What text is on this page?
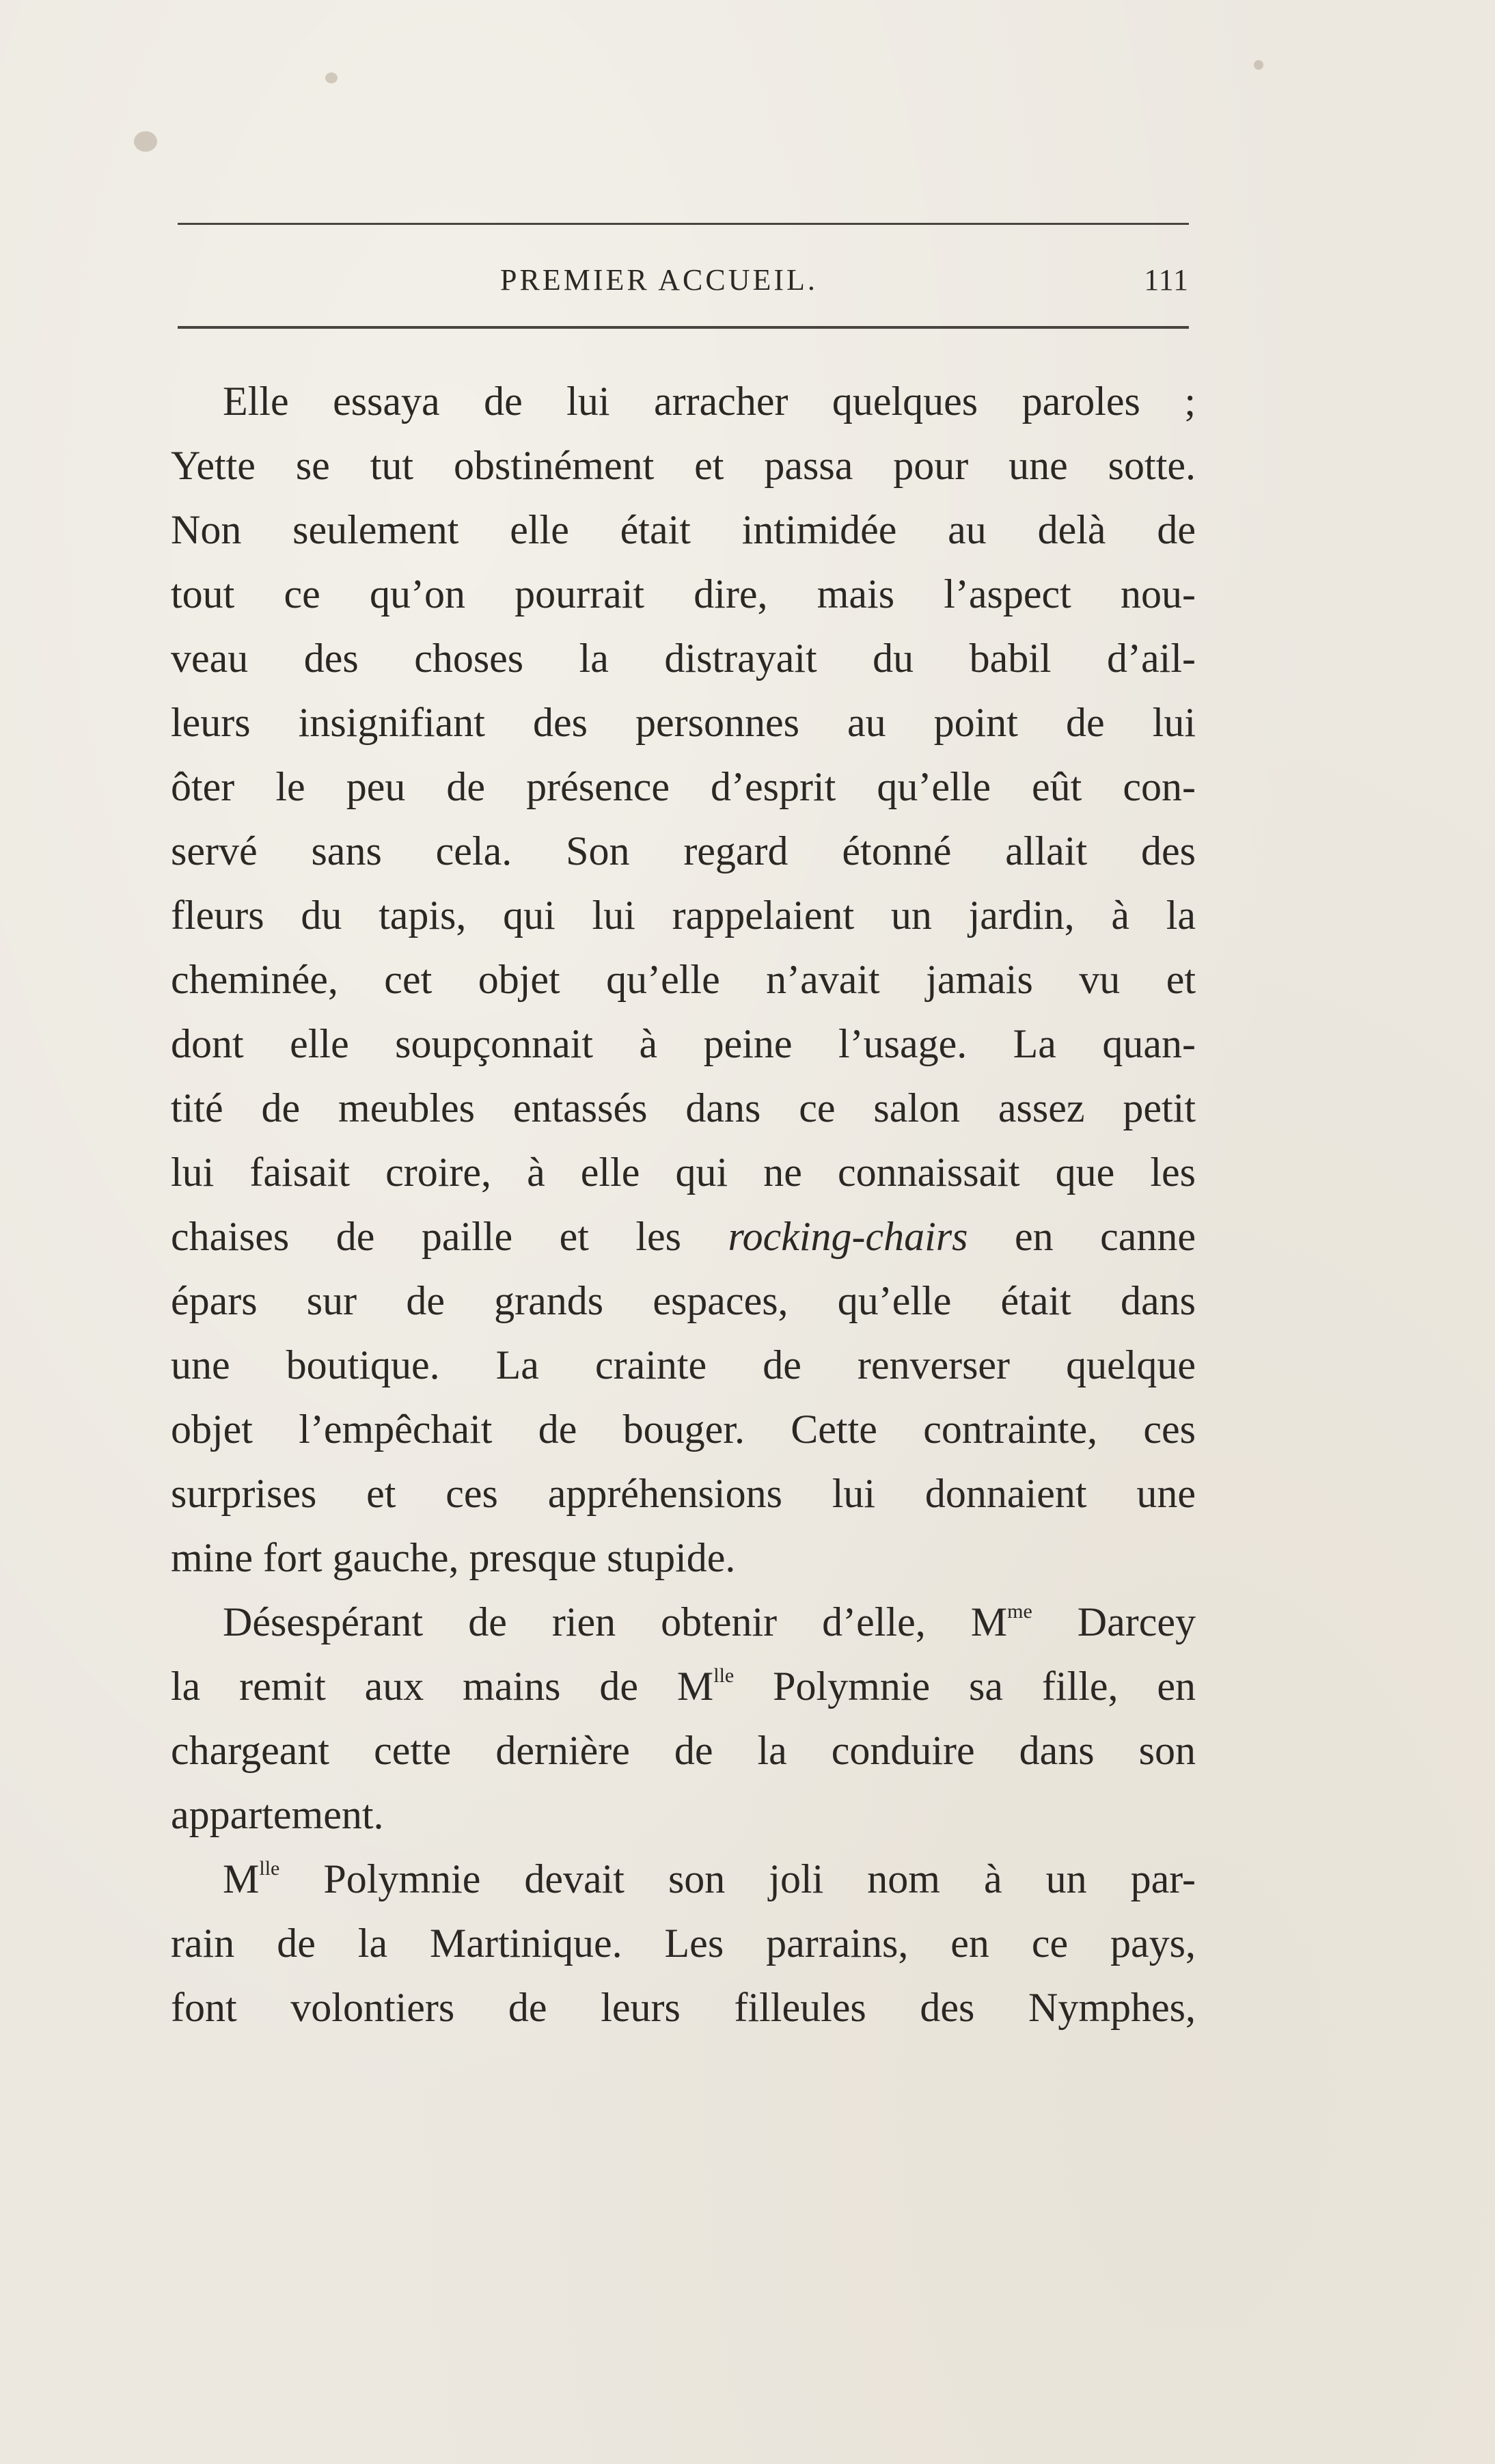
PREMIER ACCUEIL.	111
Elle essaya de lui arracher quelques paroles ;
Yette se tut obstinément et passa pour une sotte.
Non seulement elle était intimidée au delà de
tout ce qu’on pourrait dire, mais l’aspect nou-
veau des choses la distrayait du babil d’ail-
leurs insignifiant des personnes au point de lui
ôter le peu de présence d’esprit qu’elle eût con-
servé sans cela. Son regard étonné allait des
fleurs du tapis, qui lui rappelaient un jardin, à la
cheminée, cet objet qu’elle n’avait jamais vu et
dont elle soupçonnait à peine l’usage. La quan-
tité de meubles entassés dans ce salon assez petit
lui faisait croire, à elle qui ne connaissait que les
chaises de paille et les rocking-chairs en canne
épars sur de grands espaces, qu’elle était dans
une boutique. La crainte de renverser quelque
objet l’empêchait de bouger. Cette contrainte, ces
surprises et ces appréhensions lui donnaient une
mine fort gauche, presque stupide.
Désespérant de rien obtenir d’elle, $M^{me}$ Darcey
la remit aux mains de $M^{lle}$ Polymnie sa fille, en
chargeant cette dernière de la conduire dans son
appartement.
$M^{lle}$ Polymnie devait son joli nom à un par-
rain de la Martinique. Les parrains, en ce pays,
font volontiers de leurs filleules des Nymphes,
